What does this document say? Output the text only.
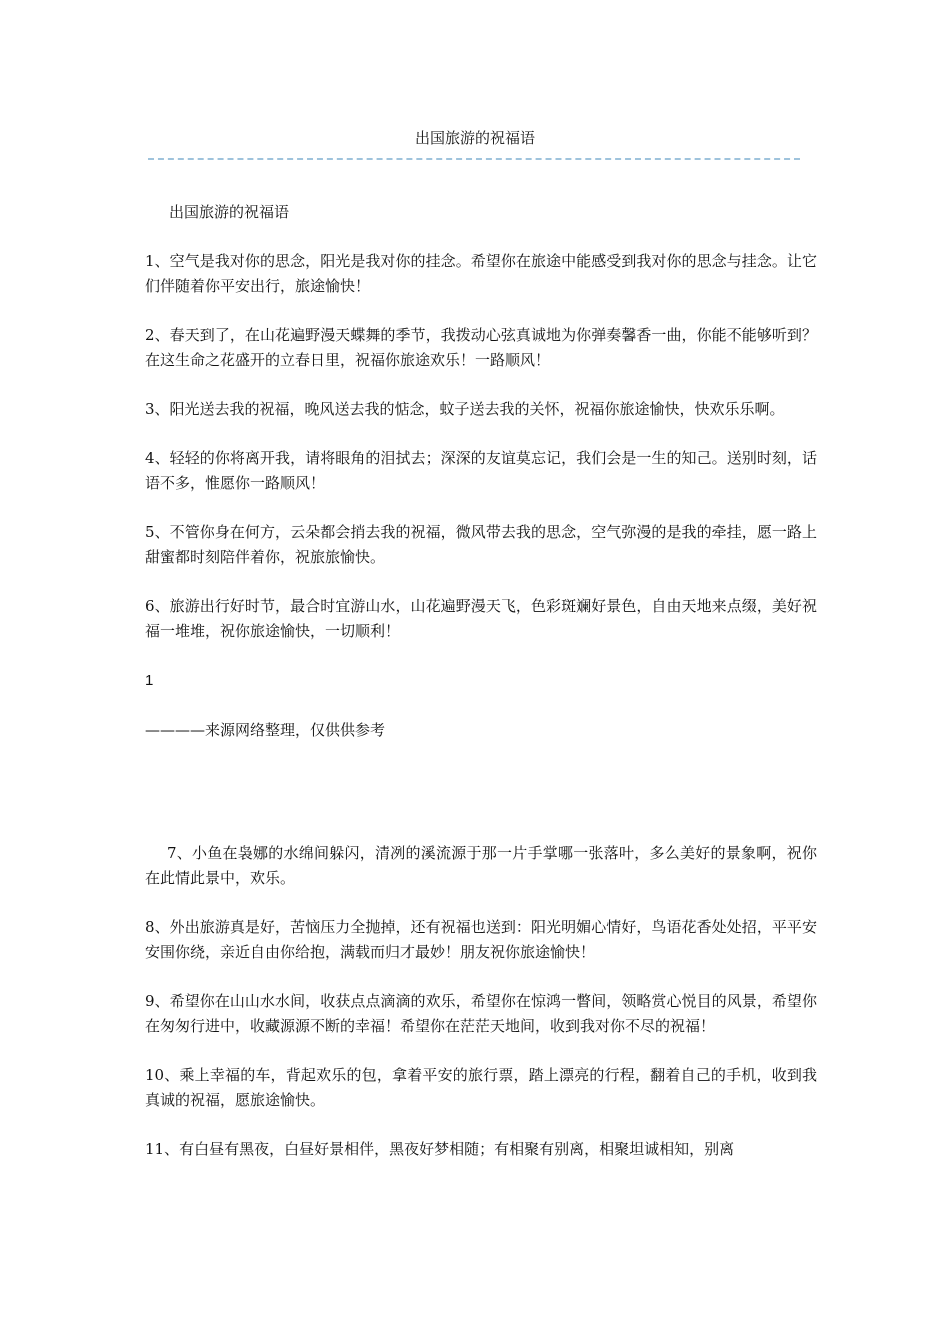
出国旅游的祝福语

出国旅游的祝福语

1、空气是我对你的思念，阳光是我对你的挂念。希望你在旅途中能感受到我对你的思念与挂念。让它们伴随着你平安出行，旅途愉快！

2、春天到了，在山花遍野漫天蝶舞的季节，我拨动心弦真诚地为你弹奏馨香一曲，你能不能够听到？在这生命之花盛开的立春日里，祝福你旅途欢乐！一路顺风！

3、阳光送去我的祝福，晚风送去我的惦念，蚊子送去我的关怀，祝福你旅途愉快，快欢乐乐啊。

4、轻轻的你将离开我，请将眼角的泪拭去；深深的友谊莫忘记，我们会是一生的知己。送别时刻，话语不多，惟愿你一路顺风！

5、不管你身在何方，云朵都会捎去我的祝福，微风带去我的思念，空气弥漫的是我的牵挂，愿一路上甜蜜都时刻陪伴着你，祝旅旅愉快。

6、旅游出行好时节，最合时宜游山水，山花遍野漫天飞，色彩斑斓好景色，自由天地来点缀，美好祝福一堆堆，祝你旅途愉快，一切顺利！

1

————来源网络整理，仅供供参考

7、小鱼在袅娜的水绵间躲闪，清冽的溪流源于那一片手掌哪一张落叶，多么美好的景象啊，祝你在此情此景中，欢乐。

8、外出旅游真是好，苦恼压力全抛掉，还有祝福也送到：阳光明媚心情好，鸟语花香处处招，平平安安围你绕，亲近自由你给抱，满载而归才最妙！朋友祝你旅途愉快！

9、希望你在山山水水间，收获点点滴滴的欢乐，希望你在惊鸿一瞥间，领略赏心悦目的风景，希望你在匆匆行进中，收藏源源不断的幸福！希望你在茫茫天地间，收到我对你不尽的祝福！

10、乘上幸福的车，背起欢乐的包，拿着平安的旅行票，踏上漂亮的行程，翻着自己的手机，收到我真诚的祝福，愿旅途愉快。

11、有白昼有黑夜，白昼好景相伴，黑夜好梦相随；有相聚有别离，相聚坦诚相知，别离
